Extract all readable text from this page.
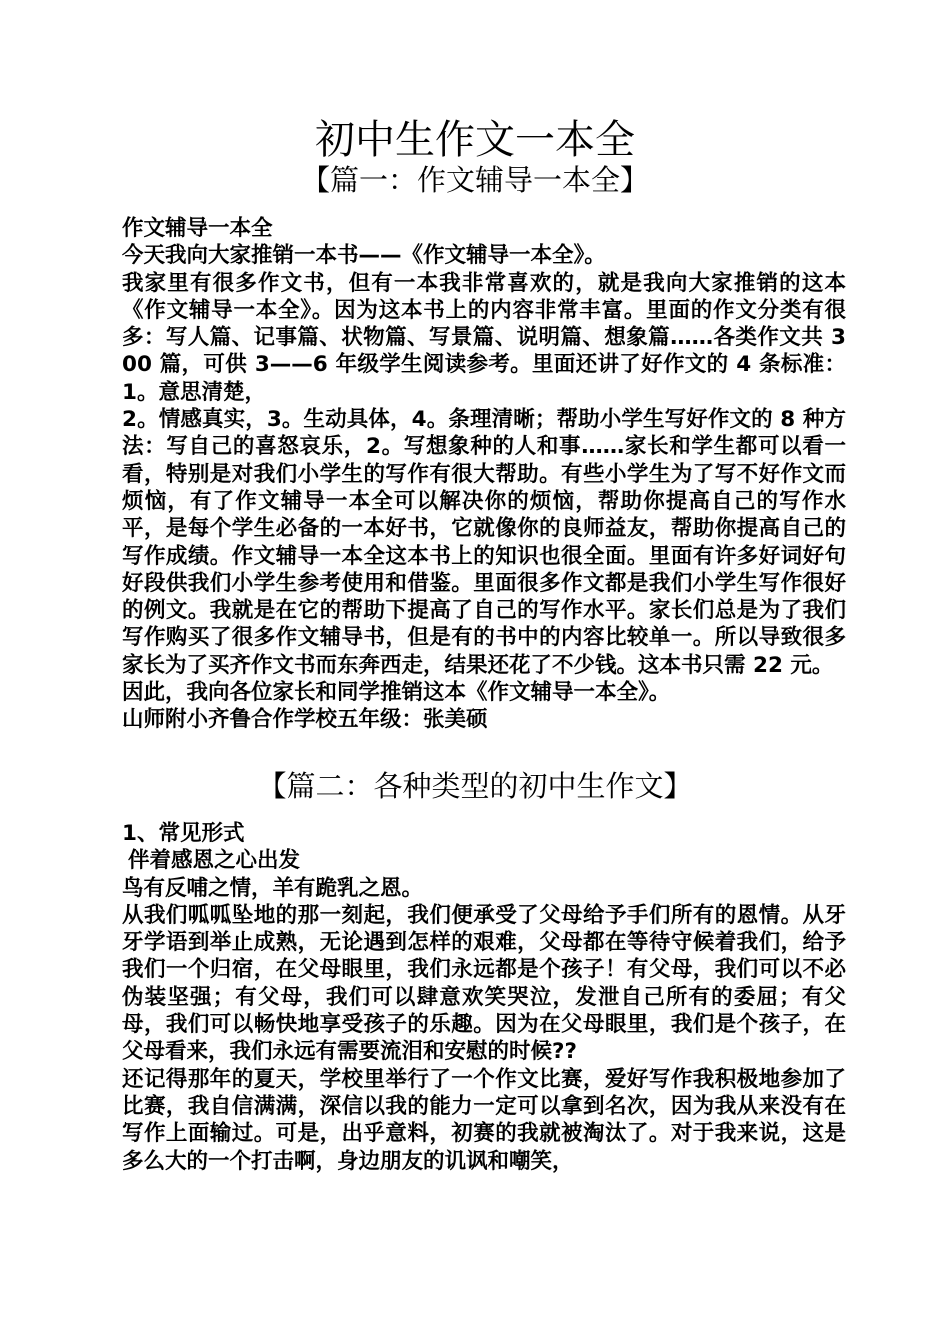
初中生作文一本全
【篇一：作文辅导一本全】

作文辅导一本全

今天我向大家推销一本书——《作文辅导一本全》。

我家里有很多作文书，但有一本我非常喜欢的，就是我向大家推销的这本《作文辅导一本全》。因为这本书上的内容非常丰富。里面的作文分类有很多：写人篇、记事篇、状物篇、写景篇、说明篇、想象篇……各类作文共 300 篇，可供 3——6 年级学生阅读参考。里面还讲了好作文的 4 条标准：1。意思清楚，

2。情感真实，3。生动具体，4。条理清晰；帮助小学生写好作文的 8 种方法：写自己的喜怒哀乐，2。写想象种的人和事……家长和学生都可以看一看，特别是对我们小学生的写作有很大帮助。有些小学生为了写不好作文而烦恼，有了作文辅导一本全可以解决你的烦恼，帮助你提高自己的写作水平，是每个学生必备的一本好书，它就像你的良师益友，帮助你提高自己的写作成绩。作文辅导一本全这本书上的知识也很全面。里面有许多好词好句好段供我们小学生参考使用和借鉴。里面很多作文都是我们小学生写作很好的例文。我就是在它的帮助下提高了自己的写作水平。家长们总是为了我们写作购买了很多作文辅导书，但是有的书中的内容比较单一。所以导致很多家长为了买齐作文书而东奔西走，结果还花了不少钱。这本书只需 22 元。

因此，我向各位家长和同学推销这本《作文辅导一本全》。

山师附小齐鲁合作学校五年级：张美硕

【篇二：各种类型的初中生作文】

1、常见形式

伴着感恩之心出发

鸟有反哺之情，羊有跪乳之恩。

从我们呱呱坠地的那一刻起，我们便承受了父母给予手们所有的恩情。从牙牙学语到举止成熟，无论遇到怎样的艰难，父母都在等待守候着我们，给予我们一个归宿，在父母眼里，我们永远都是个孩子！有父母，我们可以不必伪装坚强；有父母，我们可以肆意欢笑哭泣，发泄自己所有的委屈；有父母，我们可以畅快地享受孩子的乐趣。因为在父母眼里，我们是个孩子，在父母看来，我们永远有需要流泪和安慰的时候??

还记得那年的夏天，学校里举行了一个作文比赛，爱好写作我积极地参加了比赛，我自信满满，深信以我的能力一定可以拿到名次，因为我从来没有在写作上面输过。可是，出乎意料，初赛的我就被淘汰了。对于我来说，这是多么大的一个打击啊，身边朋友的讥讽和嘲笑，
